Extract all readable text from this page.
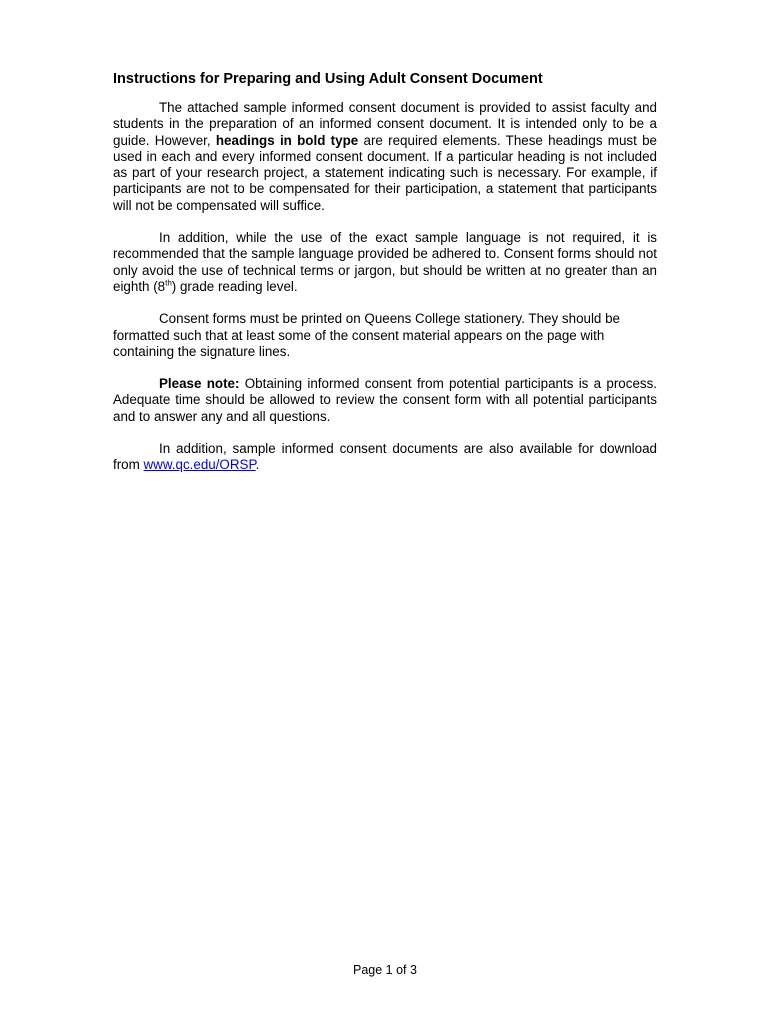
Instructions for Preparing and Using Adult Consent Document

The attached sample informed consent document is provided to assist faculty and students in the preparation of an informed consent document. It is intended only to be a guide. However, headings in bold type are required elements. These headings must be used in each and every informed consent document. If a particular heading is not included as part of your research project, a statement indicating such is necessary. For example, if participants are not to be compensated for their participation, a statement that participants will not be compensated will suffice.

In addition, while the use of the exact sample language is not required, it is recommended that the sample language provided be adhered to. Consent forms should not only avoid the use of technical terms or jargon, but should be written at no greater than an eighth (8th) grade reading level.

Consent forms must be printed on Queens College stationery. They should be formatted such that at least some of the consent material appears on the page with containing the signature lines.

Please note: Obtaining informed consent from potential participants is a process. Adequate time should be allowed to review the consent form with all potential participants and to answer any and all questions.

In addition, sample informed consent documents are also available for download from www.qc.edu/ORSP.

Page 1 of 3
